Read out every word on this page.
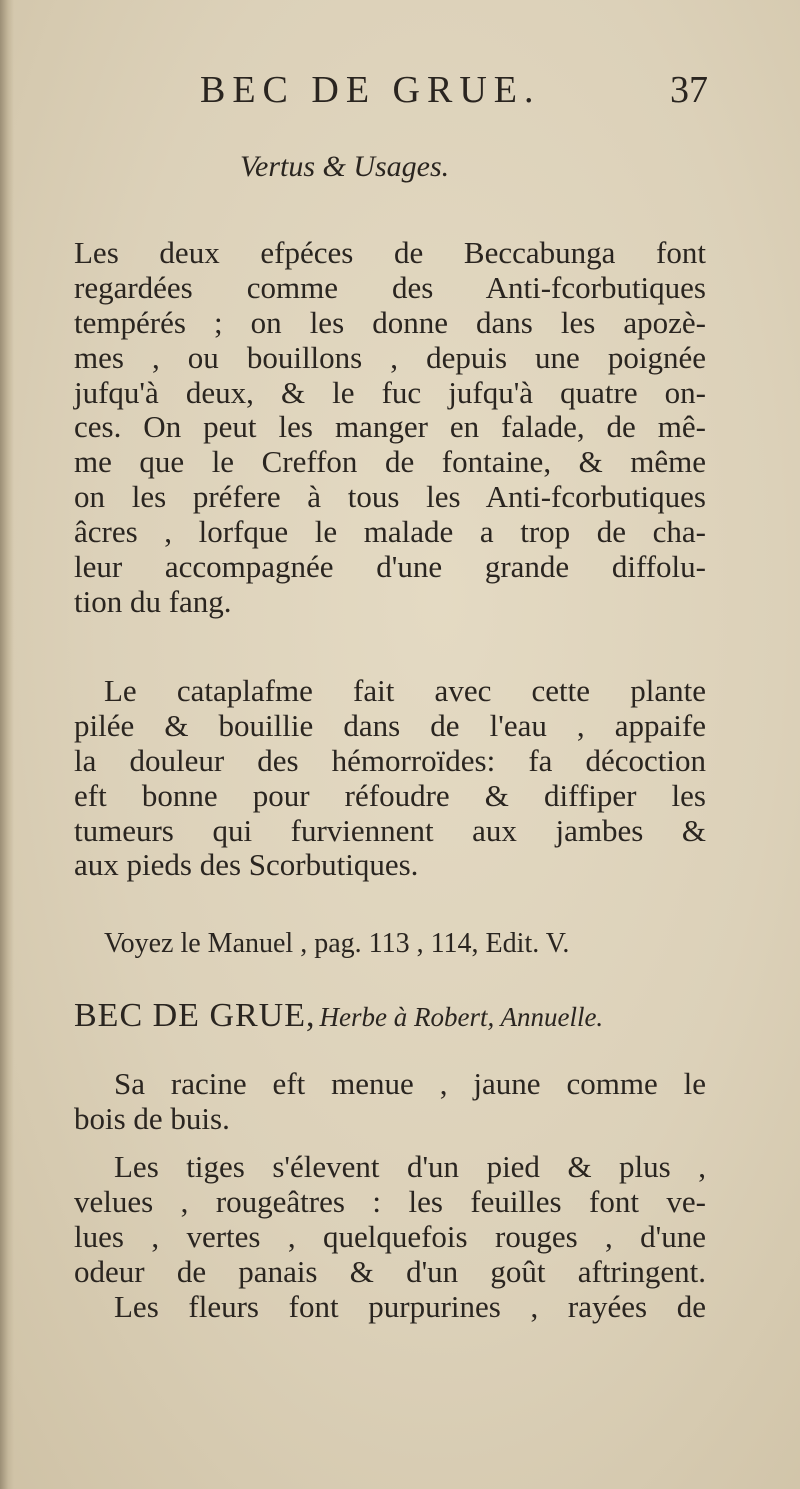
BEC DE GRUE.	37
Vertus & Usages.
Les deux efpéces de Beccabunga font
regardées comme des Anti-fcorbutiques
tempérés ; on les donne dans les apozè-
mes , ou bouillons , depuis une poignée
jufqu'à deux, & le fuc jufqu'à quatre on-
ces. On peut les manger en falade, de mê-
me que le Creffon de fontaine, & même
on les préfere à tous les Anti-fcorbutiques
âcres , lorfque le malade a trop de cha-
leur accompagnée d'une grande diffolu-
tion du fang.
Le cataplafme fait avec cette plante
pilée & bouillie dans de l'eau , appaife
la douleur des hémorroïdes: fa décoction
eft bonne pour réfoudre & diffiper les
tumeurs qui furviennent aux jambes &
aux pieds des Scorbutiques.
Voyez le Manuel , pag. 113 , 114, Edit. V.
BEC DE GRUE, Herbe à Robert, Annuelle.
Sa racine eft menue , jaune comme le
bois de buis.
Les tiges s'élevent d'un pied & plus ,
velues , rougeâtres : les feuilles font ve-
lues , vertes , quelquefois rouges , d'une
odeur de panais & d'un goût aftringent.
Les fleurs font purpurines , rayées de
